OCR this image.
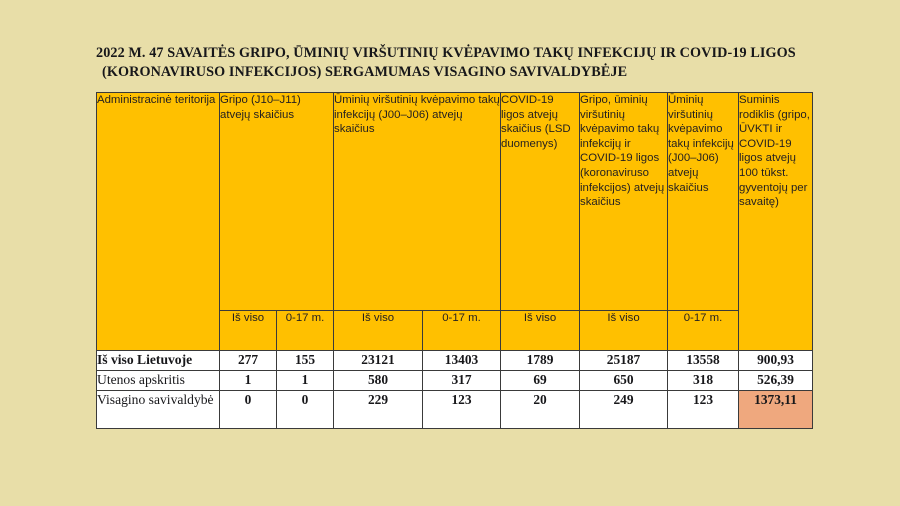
2022 M. 47 SAVAITĖS GRIPO, ŪMINIŲ VIRŠUTINIŲ KVĖPAVIMO TAKŲ INFEKCIJŲ IR COVID-19 LIGOS
(KORONAVIRUSO INFEKCIJOS) SERGAMUMAS VISAGINO SAVIVALDYBĖJE
Administracinė teritorija	Gripo (J10–J11) atvejų skaičius		Ūminių viršutinių kvėpavimo takų infekcijų (J00–J06) atvejų skaičius		COVID-19 ligos atvejų skaičius (LSD duomenys)	Gripo, ūminių viršutinių kvėpavimo takų infekcijų ir COVID-19 ligos (koronaviruso infekcijos) atvejų skaičius	Ūminių viršutinių kvėpavimo takų infekcijų (J00–J06) atvejų skaičius	Suminis rodiklis (gripo, ŪVKTI ir COVID-19 ligos atvejų 100 tūkst. gyventojų per savaitę)
	Iš viso	0-17 m.	Iš viso	0-17 m.	Iš viso	Iš viso	0-17 m.	
Iš viso Lietuvoje	277	155	23121	13403	1789	25187	13558	900,93
Utenos apskritis	1	1	580	317	69	650	318	526,39
Visagino savivaldybė	0	0	229	123	20	249	123	1373,11
